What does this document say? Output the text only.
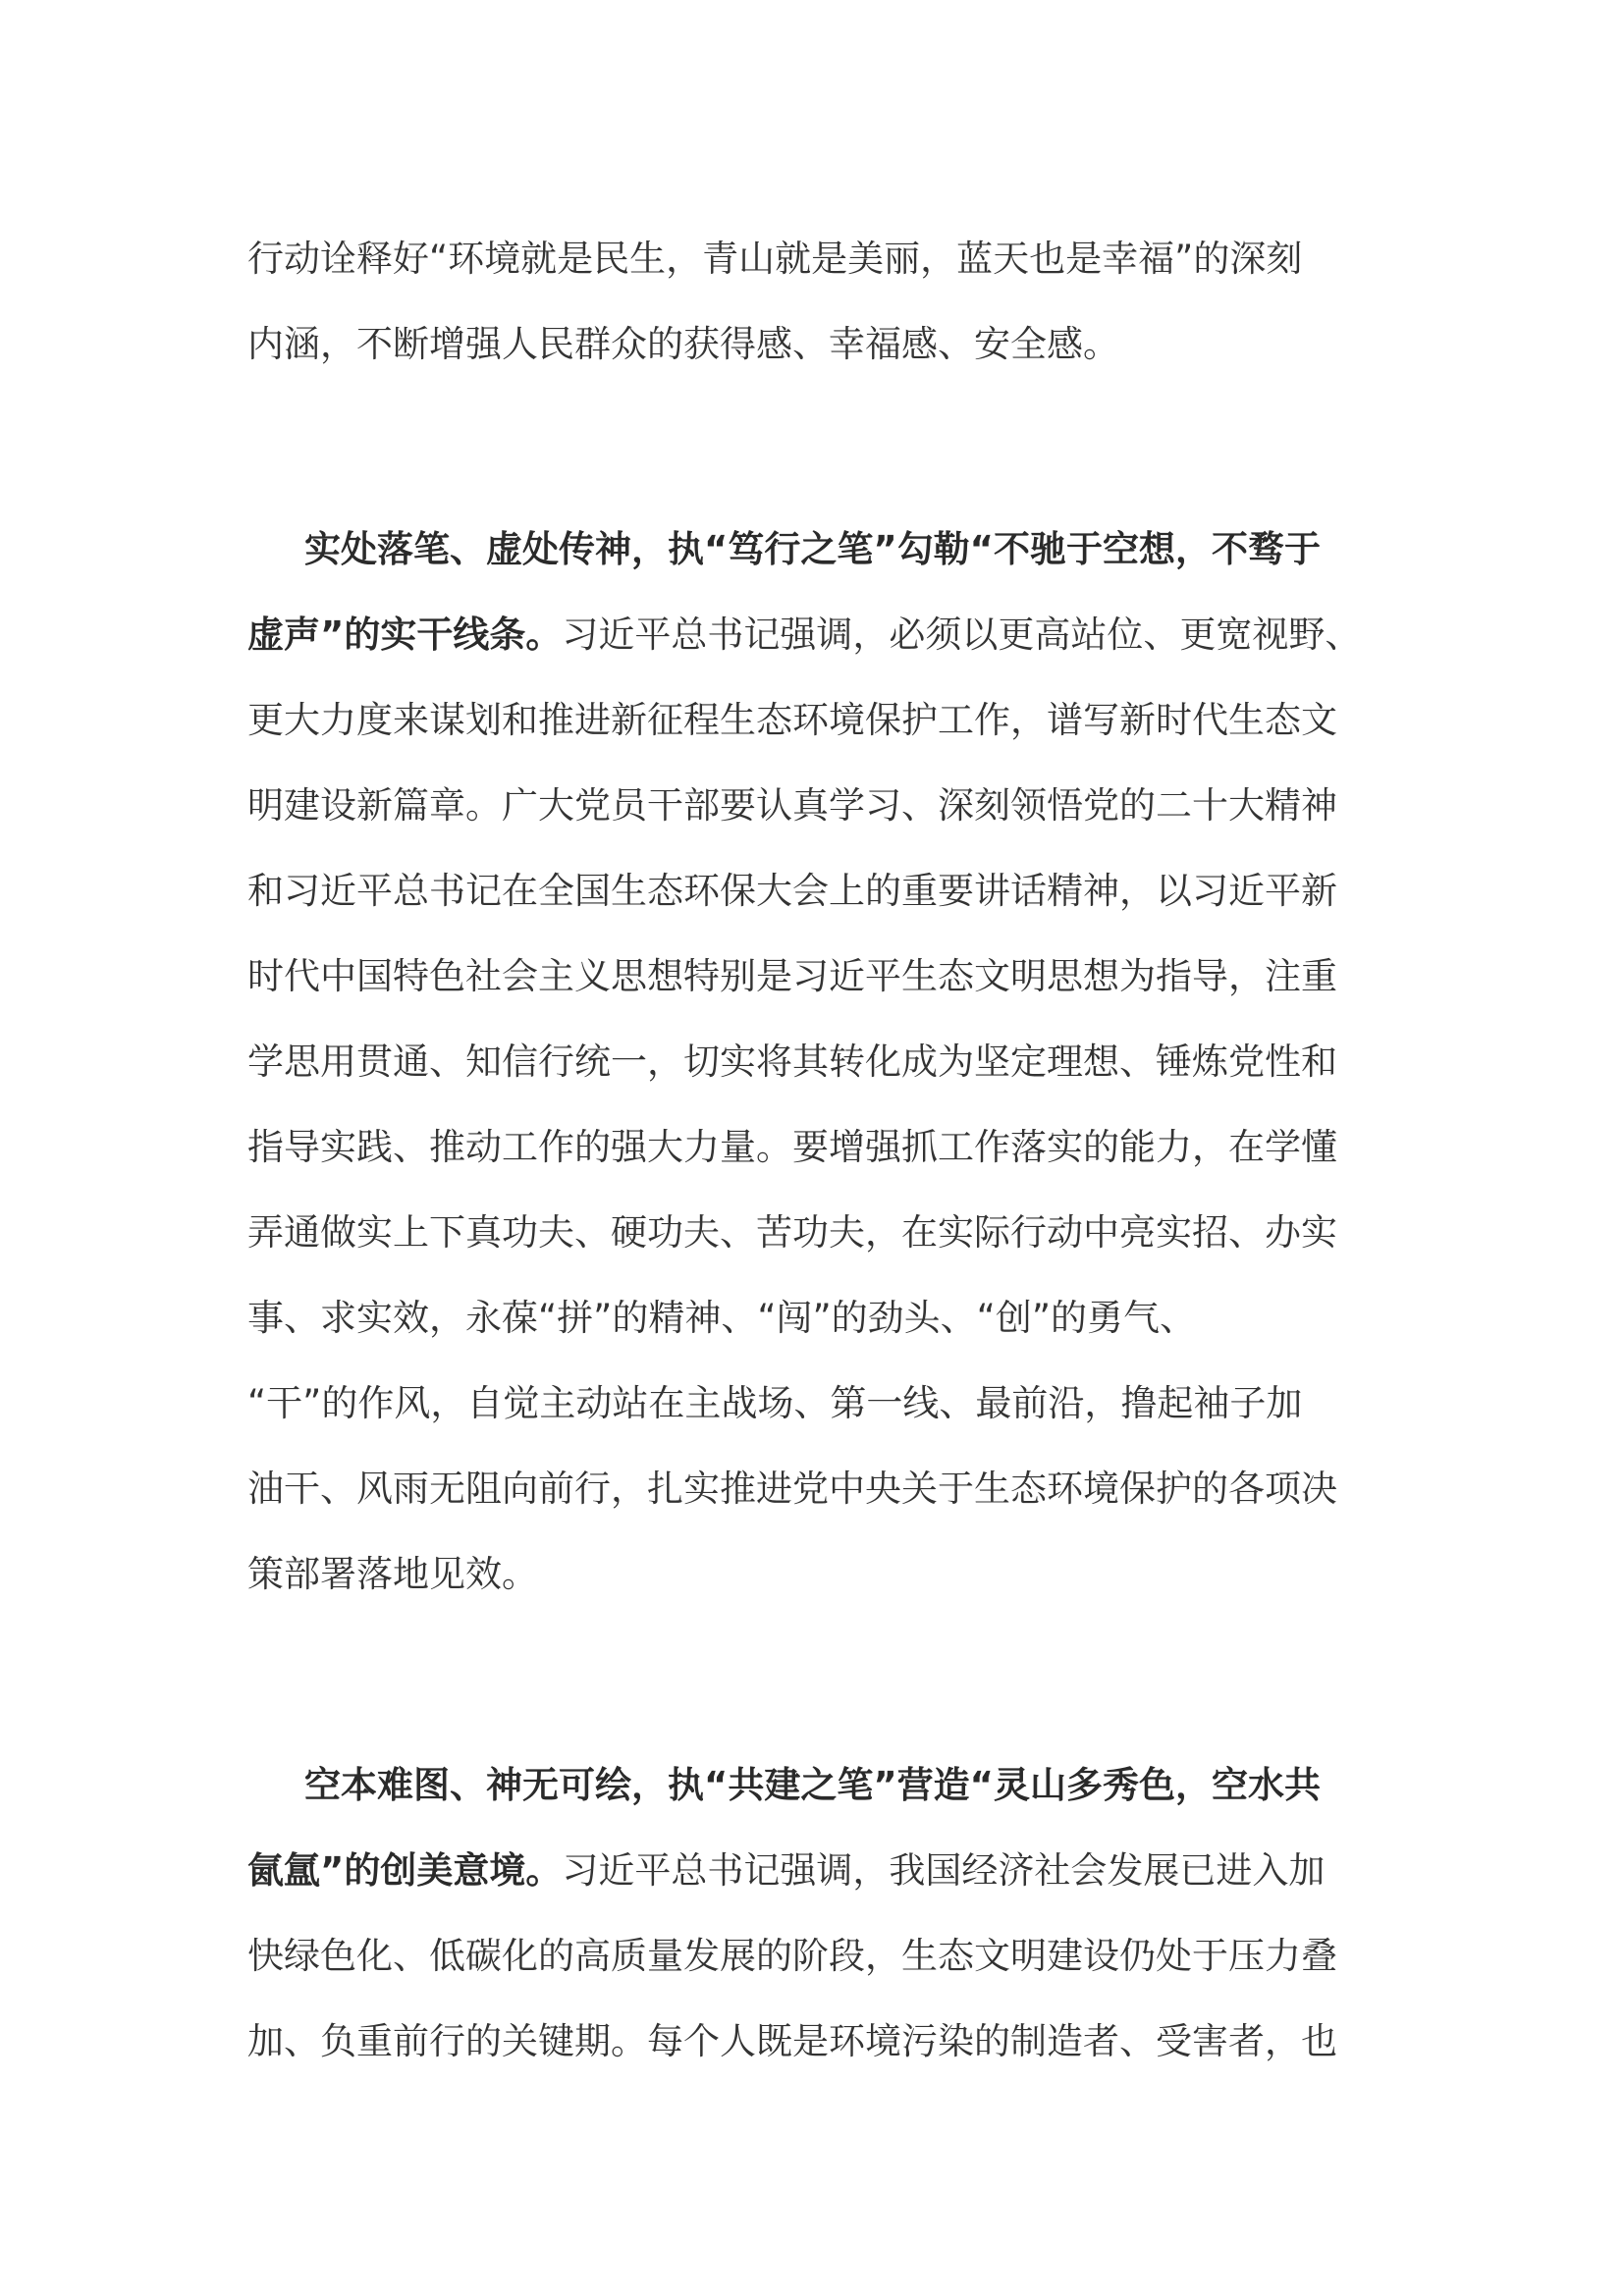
行动诠释好“环境就是民生，青山就是美丽，蓝天也是幸福”的深刻
内涵，不断增强人民群众的获得感、幸福感、安全感。
实处落笔、虚处传神，执“笃行之笔”勾勒“不驰于空想，不骛于
虚声”的实干线条。习近平总书记强调，必须以更高站位、更宽视野、
更大力度来谋划和推进新征程生态环境保护工作，谱写新时代生态文
明建设新篇章。广大党员干部要认真学习、深刻领悟党的二十大精神
和习近平总书记在全国生态环保大会上的重要讲话精神，以习近平新
时代中国特色社会主义思想特别是习近平生态文明思想为指导，注重
学思用贯通、知信行统一，切实将其转化成为坚定理想、锤炼党性和
指导实践、推动工作的强大力量。要增强抓工作落实的能力，在学懂
弄通做实上下真功夫、硬功夫、苦功夫，在实际行动中亮实招、办实
事、求实效，永葆“拼”的精神、“闯”的劲头、“创”的勇气、
“干”的作风，自觉主动站在主战场、第一线、最前沿，撸起袖子加
油干、风雨无阻向前行，扎实推进党中央关于生态环境保护的各项决
策部署落地见效。
空本难图、神无可绘，执“共建之笔”营造“灵山多秀色，空水共
氤氲”的创美意境。习近平总书记强调，我国经济社会发展已进入加
快绿色化、低碳化的高质量发展的阶段，生态文明建设仍处于压力叠
加、负重前行的关键期。每个人既是环境污染的制造者、受害者，也
